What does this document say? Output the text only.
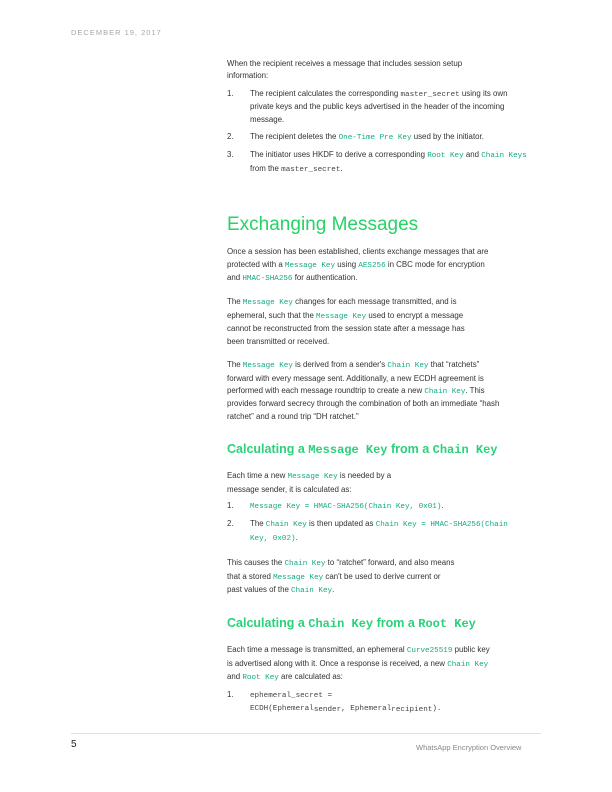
DECEMBER 19, 2017

When the recipient receives a message that includes session setup information:

1. The recipient calculates the corresponding master_secret using its own private keys and the public keys advertised in the header of the incoming message.
2. The recipient deletes the One-Time Pre Key used by the initiator.
3. The initiator uses HKDF to derive a corresponding Root Key and Chain Keys from the master_secret.
Exchanging Messages

Once a session has been established, clients exchange messages that are protected with a Message Key using AES256 in CBC mode for encryption and HMAC-SHA256 for authentication.

The Message Key changes for each message transmitted, and is ephemeral, such that the Message Key used to encrypt a message cannot be reconstructed from the session state after a message has been transmitted or received.

The Message Key is derived from a sender's Chain Key that “ratchets” forward with every message sent. Additionally, a new ECDH agreement is performed with each message roundtrip to create a new Chain Key. This provides forward secrecy through the combination of both an immediate “hash ratchet” and a round trip “DH ratchet.”

Calculating a Message Key from a Chain Key

Each time a new Message Key is needed by a message sender, it is calculated as:

1. Message Key = HMAC-SHA256(Chain Key, 0x01).
2. The Chain Key is then updated as Chain Key = HMAC-SHA256(Chain Key, 0x02).

This causes the Chain Key to “ratchet” forward, and also means that a stored Message Key can't be used to derive current or past values of the Chain Key.

Calculating a Chain Key from a Root Key

Each time a message is transmitted, an ephemeral Curve25519 public key is advertised along with it. Once a response is received, a new Chain Key and Root Key are calculated as:

1. ephemeral_secret =
ECDH(Ephemeral$_{sender}$, Ephemeral$_{recipient}$).
5	WhatsApp Encryption Overview
